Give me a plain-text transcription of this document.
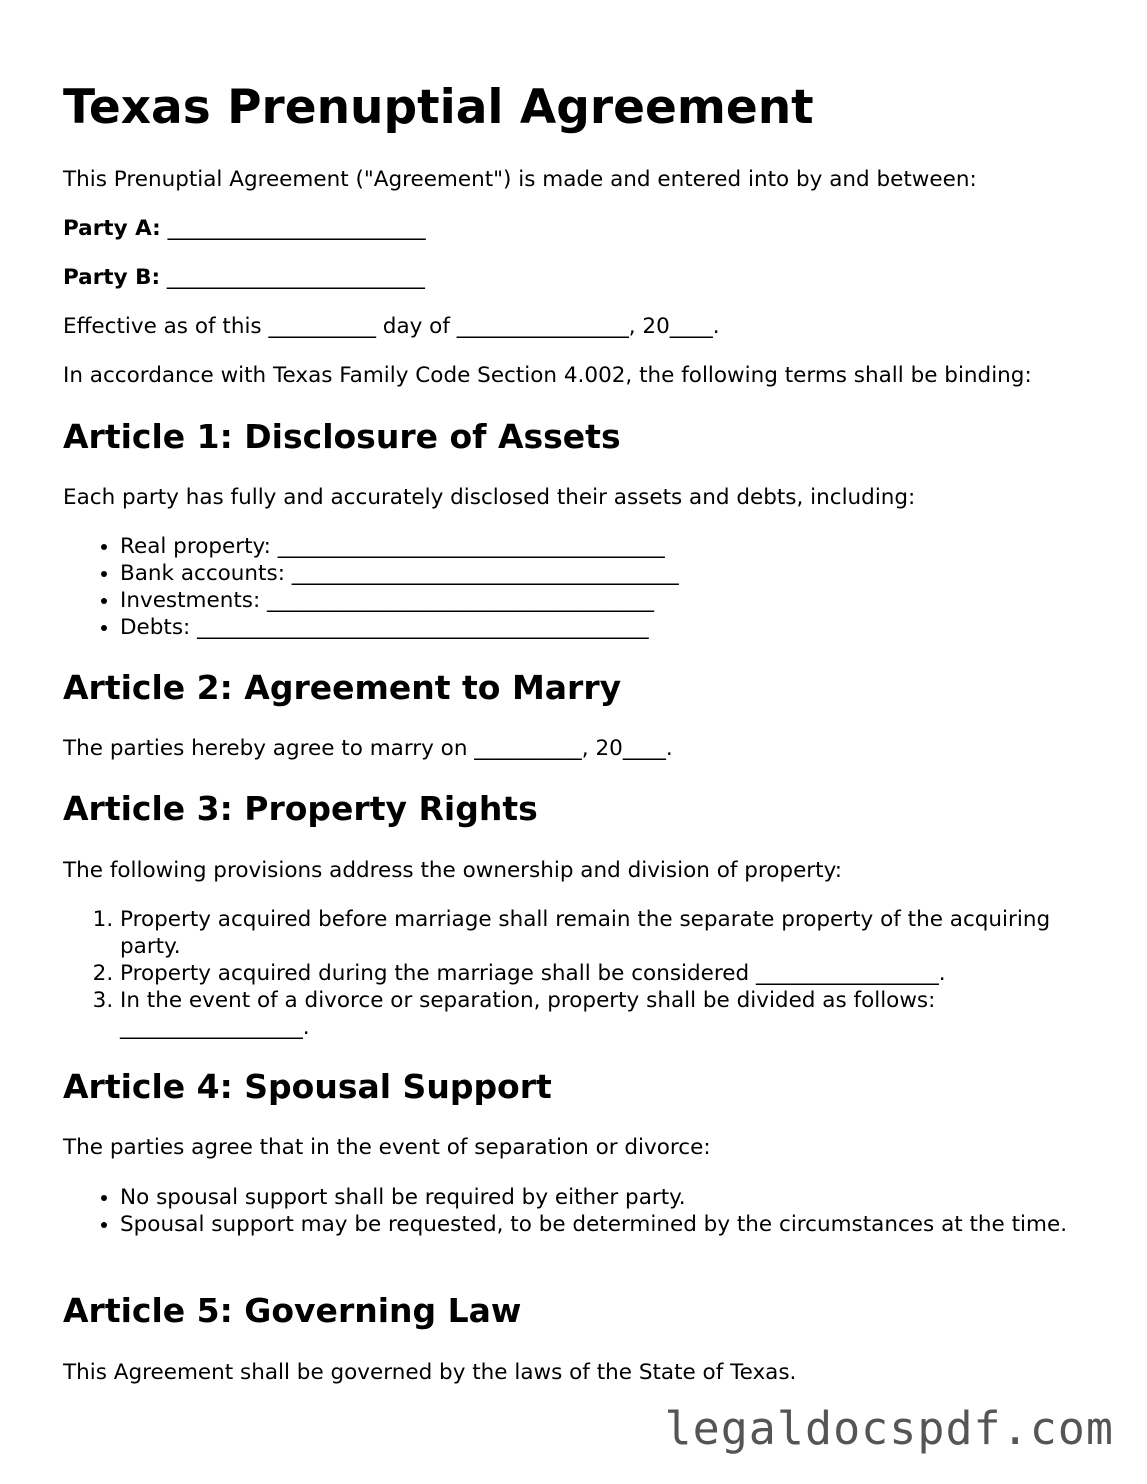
Texas Prenuptial Agreement

This Prenuptial Agreement ("Agreement") is made and entered into by and between:

Party A: ________________________

Party B: ________________________

Effective as of this __________ day of ________________, 20____.

In accordance with Texas Family Code Section 4.002, the following terms shall be binding:

Article 1: Disclosure of Assets

Each party has fully and accurately disclosed their assets and debts, including:

• Real property: ____________________________________
• Bank accounts: ____________________________________
• Investments: ____________________________________
• Debts: __________________________________________
Article 2: Agreement to Marry

The parties hereby agree to marry on __________, 20____.

Article 3: Property Rights

The following provisions address the ownership and division of property:

1. Property acquired before marriage shall remain the separate property of the acquiring party.
2. Property acquired during the marriage shall be considered _________________.
3. In the event of a divorce or separation, property shall be divided as follows: _________________.
Article 4: Spousal Support

The parties agree that in the event of separation or divorce:

• No spousal support shall be required by either party.
• Spousal support may be requested, to be determined by the circumstances at the time.
Article 5: Governing Law

This Agreement shall be governed by the laws of the State of Texas.

legaldocspdf.com
